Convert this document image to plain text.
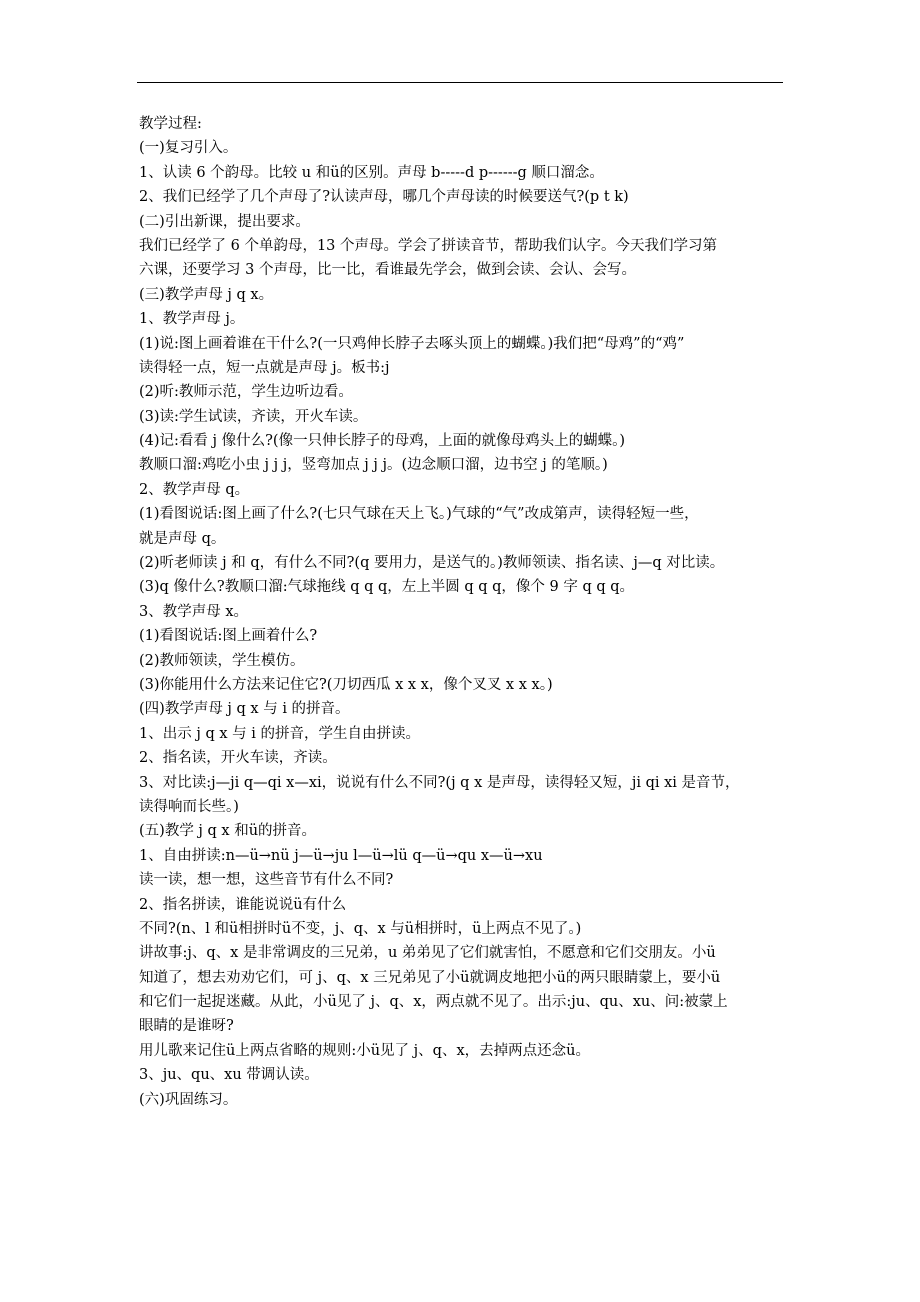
教学过程:
(一)复习引入。
1、认读 6 个韵母。比较 u 和ü的区别。声母 b-----d p------g 顺口溜念。
2、我们已经学了几个声母了?认读声母，哪几个声母读的时候要送气?(p t k)
(二)引出新课，提出要求。
我们已经学了 6 个单韵母，13 个声母。学会了拼读音节，帮助我们认字。今天我们学习第
六课，还要学习 3 个声母，比一比，看谁最先学会，做到会读、会认、会写。
(三)教学声母 j q x。
1、教学声母 j。
(1)说:图上画着谁在干什么?(一只鸡伸长脖子去啄头顶上的蝴蝶。)我们把“母鸡”的“鸡”
读得轻一点，短一点就是声母 j。板书:j
(2)听:教师示范，学生边听边看。
(3)读:学生试读，齐读，开火车读。
(4)记:看看 j 像什么?(像一只伸长脖子的母鸡，上面的就像母鸡头上的蝴蝶。)
教顺口溜:鸡吃小虫 j j j，竖弯加点 j j j。(边念顺口溜，边书空 j 的笔顺。)
2、教学声母 q。
(1)看图说话:图上画了什么?(七只气球在天上飞。)气球的“气”改成第声，读得轻短一些，
就是声母 q。
(2)听老师读 j 和 q，有什么不同?(q 要用力，是送气的。)教师领读、指名读、j—q 对比读。
(3)q 像什么?教顺口溜:气球拖线 q q q，左上半圆 q q q，像个 9 字 q q q。
3、教学声母 x。
(1)看图说话:图上画着什么?
(2)教师领读，学生模仿。
(3)你能用什么方法来记住它?(刀切西瓜 x x x，像个叉叉 x x x。)
(四)教学声母 j q x 与 i 的拼音。
1、出示 j q x 与 i 的拼音，学生自由拼读。
2、指名读，开火车读，齐读。
3、对比读:j—ji q—qi x—xi，说说有什么不同?(j q x 是声母，读得轻又短，ji qi xi 是音节，
读得响而长些。)
(五)教学 j q x 和ü的拼音。
1、自由拼读:n—ü→nü j—ü→ju l—ü→lü q—ü→qu x—ü→xu
读一读，想一想，这些音节有什么不同?
2、指名拼读，谁能说说ü有什么
不同?(n、l 和ü相拼时ü不变，j、q、x 与ü相拼时，ü上两点不见了。)
讲故事:j、q、x 是非常调皮的三兄弟，u 弟弟见了它们就害怕，不愿意和它们交朋友。小ü
知道了，想去劝劝它们，可 j、q、x 三兄弟见了小ü就调皮地把小ü的两只眼睛蒙上，要小ü
和它们一起捉迷藏。从此，小ü见了 j、q、x，两点就不见了。出示:ju、qu、xu、问:被蒙上
眼睛的是谁呀?
用儿歌来记住ü上两点省略的规则:小ü见了 j、q、x，去掉两点还念ü。
3、ju、qu、xu 带调认读。
(六)巩固练习。
